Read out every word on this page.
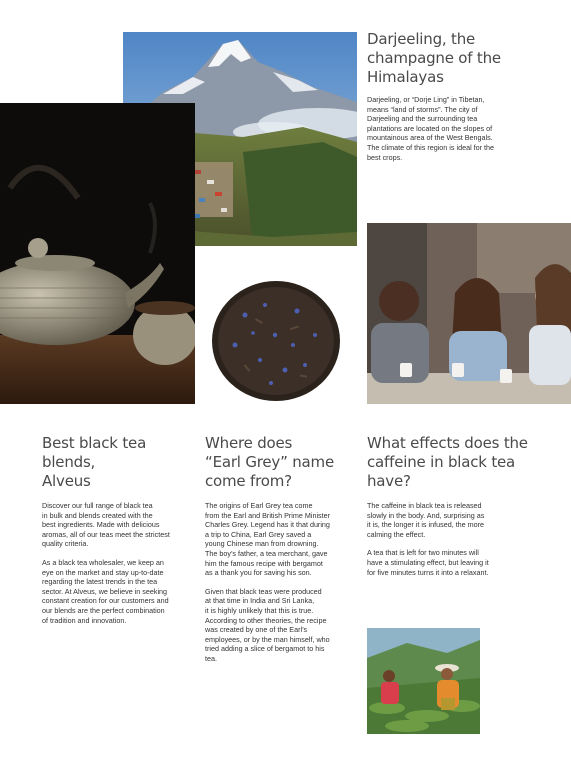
Darjeeling, the
champagne of the
Himalayas

Darjeeling, or “Dorje Ling” in Tibetan,
means “land of storms”. The city of
Darjeeling and the surrounding tea
plantations are located on the slopes of
mountainous area of the West Bengals.
The climate of this region is ideal for the
best crops.

Best black tea blends,
Alveus

Discover our full range of black tea
in bulk and blends created with the
best ingredients. Made with delicious
aromas, all of our teas meet the strictest
quality criteria.

As a black tea wholesaler, we keep an
eye on the market and stay up-to-date
regarding the latest trends in the tea
sector. At Alveus, we believe in seeking
constant creation for our customers and
our blends are the perfect combination
of tradition and innovation.

Where does
“Earl Grey” name
come from?

The origins of Earl Grey tea come
from the Earl and British Prime Minister
Charles Grey. Legend has it that during
a trip to China, Earl Grey saved a
young Chinese man from drowning.
The boy’s father, a tea merchant, gave
him the famous recipe with bergamot
as a thank you for saving his son.

Given that black teas were produced
at that time in India and Sri Lanka,
it is highly unlikely that this is true.
According to other theories, the recipe
was created by one of the Earl’s
employees, or by the man himself, who
tried adding a slice of bergamot to his
tea.

What effects does the
caffeine in black tea
have?

The caffeine in black tea is released
slowly in the body. And, surprising as
it is, the longer it is infused, the more
calming the effect.

A tea that is left for two minutes will
have a stimulating effect, but leaving it
for five minutes turns it into a relaxant.
